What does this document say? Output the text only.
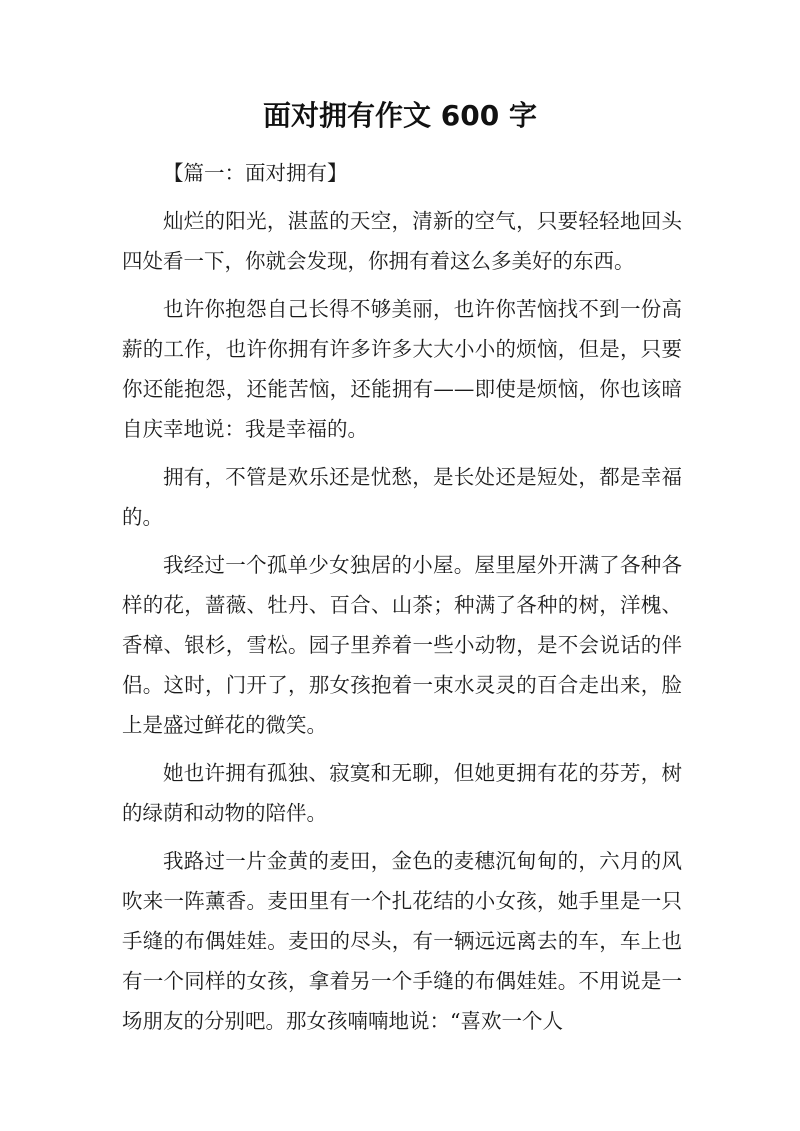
面对拥有作文 600 字

【篇一：面对拥有】

灿烂的阳光，湛蓝的天空，清新的空气，只要轻轻地回头四处看一下，你就会发现，你拥有着这么多美好的东西。

也许你抱怨自己长得不够美丽，也许你苦恼找不到一份高薪的工作，也许你拥有许多许多大大小小的烦恼，但是，只要你还能抱怨，还能苦恼，还能拥有——即使是烦恼，你也该暗自庆幸地说：我是幸福的。

拥有，不管是欢乐还是忧愁，是长处还是短处，都是幸福的。

我经过一个孤单少女独居的小屋。屋里屋外开满了各种各样的花，蔷薇、牡丹、百合、山茶；种满了各种的树，洋槐、香樟、银杉，雪松。园子里养着一些小动物，是不会说话的伴侣。这时，门开了，那女孩抱着一束水灵灵的百合走出来，脸上是盛过鲜花的微笑。

她也许拥有孤独、寂寞和无聊，但她更拥有花的芬芳，树的绿荫和动物的陪伴。

我路过一片金黄的麦田，金色的麦穗沉甸甸的，六月的风吹来一阵薰香。麦田里有一个扎花结的小女孩，她手里是一只手缝的布偶娃娃。麦田的尽头，有一辆远远离去的车，车上也有一个同样的女孩，拿着另一个手缝的布偶娃娃。不用说是一场朋友的分别吧。那女孩喃喃地说：“喜欢一个人
